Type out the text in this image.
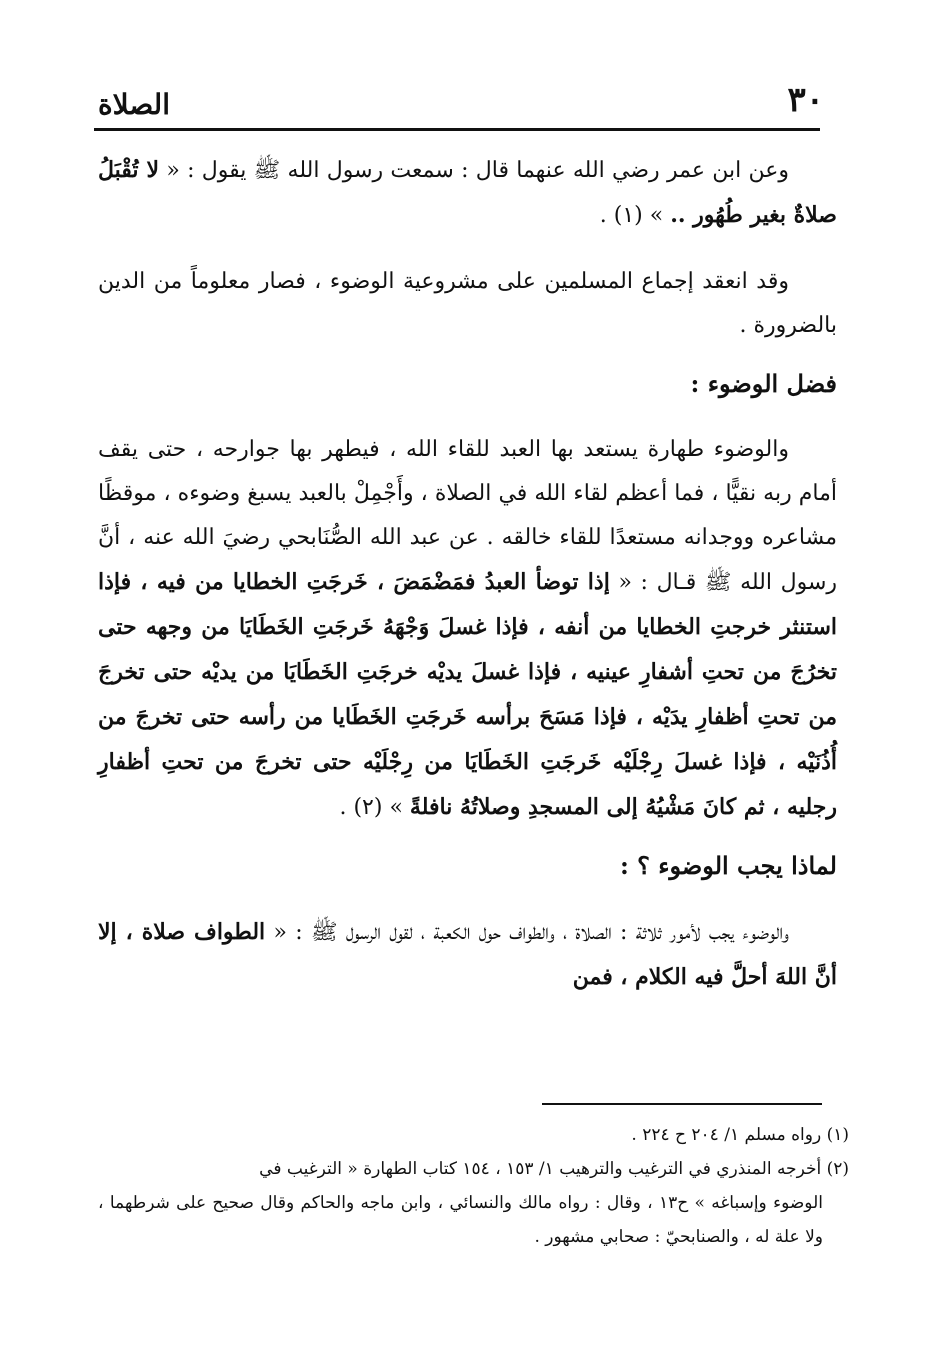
٣٠
الصلاة

وعن ابن عمر رضي الله عنهما قال : سمعت رسول الله ﷺ يقول : « لا تُقْبَلُ صلاةٌ بغير طُهُور .. » (١) .

وقد انعقد إجماع المسلمين على مشروعية الوضوء ، فصار معلوماً من الدين بالضرورة .

فضل الوضوء :

والوضوء طهارة يستعد بها العبد للقاء الله ، فيطهر بها جوارحه ، حتى يقف أمام ربه نقيًّا ، فما أعظم لقاء الله في الصلاة ، وأَجْمِلْ بالعبد يسبغ وضوءه ، موقظًا مشاعره ووجدانه مستعدًا للقاء خالقه . عن عبد الله الصُّنَابحي رضيَ الله عنه ، أنَّ رسول الله ﷺ قـال : « إذا توضأ العبدُ فمَضْمَضَ ، خَرجَتِ الخطايا من فيه ، فإذا استنثر خرجتِ الخطايا من أنفه ، فإذا غسلَ وَجْهَهُ خَرجَتِ الخَطَايَا من وجهه حتى تخرُجَ من تحتِ أشفارِ عينيه ، فإذا غسلَ يديْه خرجَتِ الخَطَايَا من يديْه حتى تخرجَ من تحتِ أظفارِ يدَيْه ، فإذا مَسَحَ برأسه خَرجَتِ الخَطَايا من رأسه حتى تخرجَ من أُذُنَيْه ، فإذا غسلَ رِجْلَيْه خَرجَتِ الخَطَايَا من رِجْلَيْه حتى تخرجَ من تحتِ أظفارِ رجليه ، ثم كانَ مَشْيُهُ إلى المسجدِ وصلاتُهُ نافلةً » (٢) .

لماذا يجب الوضوء ؟ :

والوضوء يجب لأمور ثلاثة : الصلاة ، والطواف حول الكعبة ، لقول الرسول ﷺ : « الطواف صلاة ، إلا أنَّ اللهَ أحلَّ فيه الكلام ، فمن

(١) رواه مسلم ١/ ٢٠٤ ح ٢٢٤ .

(٢) أخرجه المنذري في الترغيب والترهيب ١/ ١٥٣ ، ١٥٤ كتاب الطهارة « الترغيب في

الوضوء وإسباغه » ح١٣ ، وقال : رواه مالك والنسائي ، وابن ماجه والحاكم وقال صحيح على شرطهما ، ولا علة له ، والصنابحيّ : صحابي مشهور .
